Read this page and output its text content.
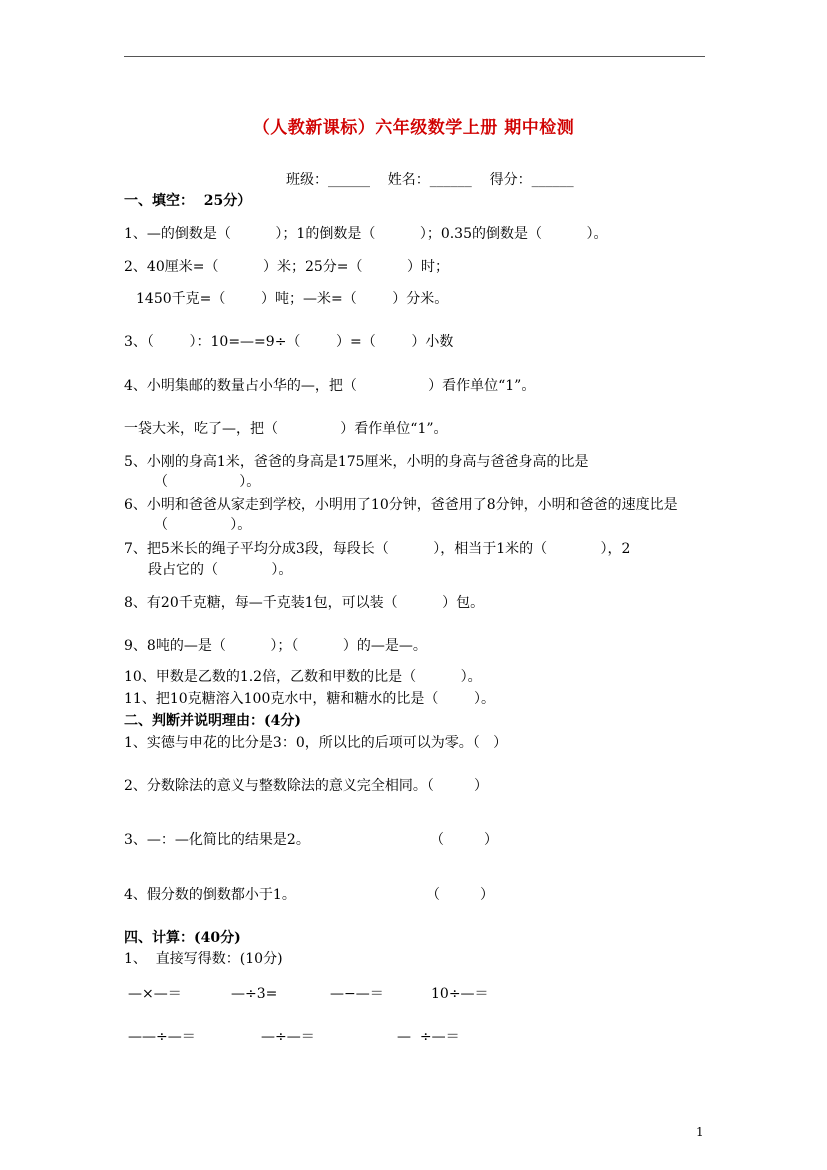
（人教新课标）六年级数学上册 期中检测
班级：______    姓名：______    得分：______
一、填空：  25分）
1、—的倒数是（          ）；1的倒数是（          ）；0.35的倒数是（          ）。
2、40厘米=（          ）米；25分=（          ）时；
1450千克=（        ）吨；—米=（        ）分米。
3、（        ）：10=—=9÷（        ）=（        ）小数
4、小明集邮的数量占小华的—，把（                ）看作单位“1”。
一袋大米，吃了—，把（              ）看作单位“1”。
5、小刚的身高1米，爸爸的身高是175厘米，小明的身高与爸爸身高的比是
（                ）。
6、小明和爸爸从家走到学校，小明用了10分钟，爸爸用了8分钟，小明和爸爸的速度比是
（              ）。
7、把5米长的绳子平均分成3段，每段长（          ），相当于1米的（            ），2
段占它的（            ）。
8、有20千克糖，每—千克装1包，可以装（          ）包。
9、8吨的—是（          ）；（          ）的—是—。
10、甲数是乙数的1.2倍，乙数和甲数的比是（          ）。
11、把10克糖溶入100克水中，糖和糖水的比是（        ）。
二、判断并说明理由：(4分)
1、实德与申花的比分是3：0，所以比的后项可以为零。（   ）
2、分数除法的意义与整数除法的意义完全相同。（         ）
3、—：—化简比的结果是2。	（         ）
4、假分数的倒数都小于1。	（         ）
四、计算：(40分)
1、  直接写得数：(10分)
—×—＝	—÷3=	—−—＝	10÷—＝
——÷—＝	—÷—＝	—  ÷—＝
1
